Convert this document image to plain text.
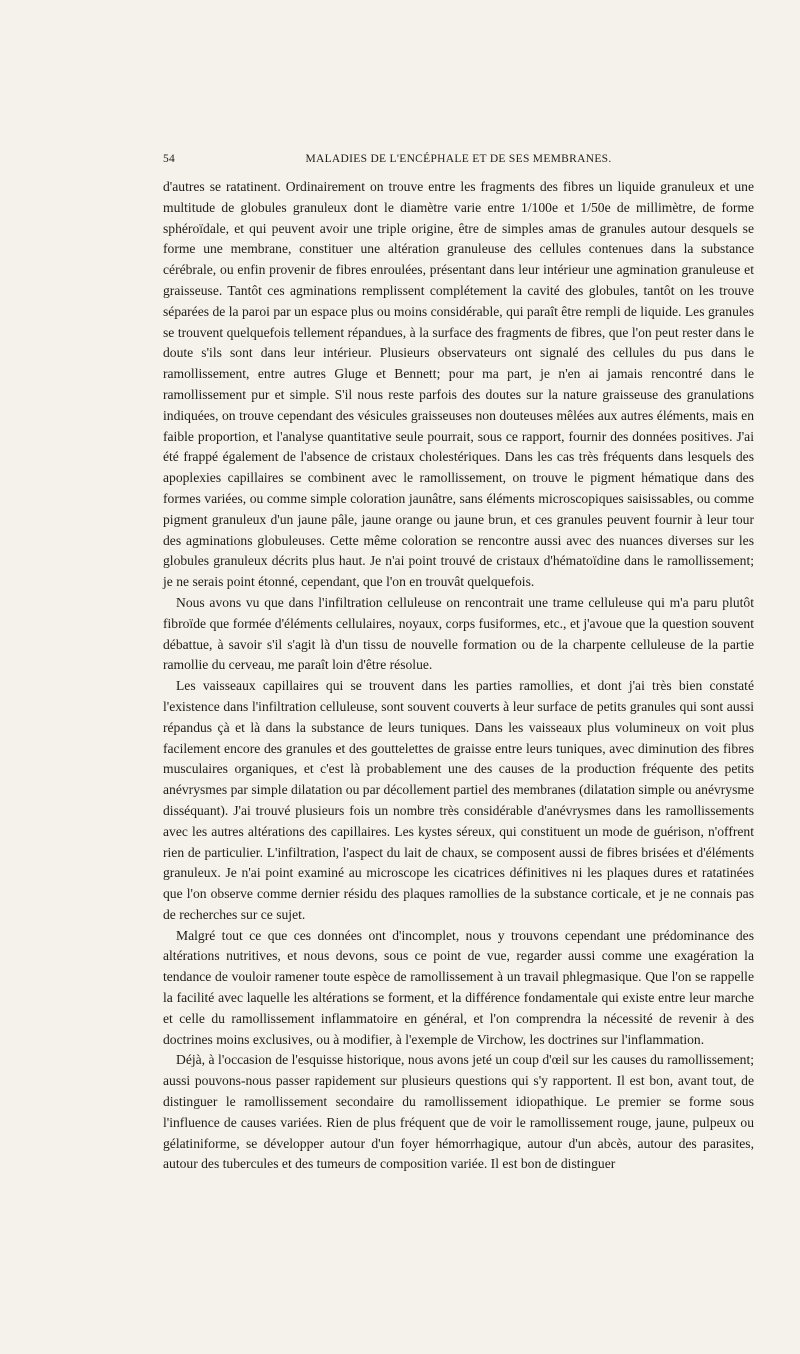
54	MALADIES DE L'ENCÉPHALE ET DE SES MEMBRANES.

d'autres se ratatinent. Ordinairement on trouve entre les fragments des fibres un liquide granuleux et une multitude de globules granuleux dont le diamètre varie entre 1/100e et 1/50e de millimètre, de forme sphéroïdale, et qui peuvent avoir une triple origine, être de simples amas de granules autour desquels se forme une membrane, constituer une altération granuleuse des cellules contenues dans la substance cérébrale, ou enfin provenir de fibres enroulées, présentant dans leur intérieur une agmination granuleuse et graisseuse. Tantôt ces agminations remplissent complétement la cavité des globules, tantôt on les trouve séparées de la paroi par un espace plus ou moins considérable, qui paraît être rempli de liquide. Les granules se trouvent quelquefois tellement répandues, à la surface des fragments de fibres, que l'on peut rester dans le doute s'ils sont dans leur intérieur. Plusieurs observateurs ont signalé des cellules du pus dans le ramollissement, entre autres Gluge et Bennett; pour ma part, je n'en ai jamais rencontré dans le ramollissement pur et simple. S'il nous reste parfois des doutes sur la nature graisseuse des granulations indiquées, on trouve cependant des vésicules graisseuses non douteuses mêlées aux autres éléments, mais en faible proportion, et l'analyse quantitative seule pourrait, sous ce rapport, fournir des données positives. J'ai été frappé également de l'absence de cristaux cholestériques. Dans les cas très fréquents dans lesquels des apoplexies capillaires se combinent avec le ramollissement, on trouve le pigment hématique dans des formes variées, ou comme simple coloration jaunâtre, sans éléments microscopiques saisissables, ou comme pigment granuleux d'un jaune pâle, jaune orange ou jaune brun, et ces granules peuvent fournir à leur tour des agminations globuleuses. Cette même coloration se rencontre aussi avec des nuances diverses sur les globules granuleux décrits plus haut. Je n'ai point trouvé de cristaux d'hématoïdine dans le ramollissement; je ne serais point étonné, cependant, que l'on en trouvât quelquefois.

Nous avons vu que dans l'infiltration celluleuse on rencontrait une trame celluleuse qui m'a paru plutôt fibroïde que formée d'éléments cellulaires, noyaux, corps fusiformes, etc., et j'avoue que la question souvent débattue, à savoir s'il s'agit là d'un tissu de nouvelle formation ou de la charpente celluleuse de la partie ramollie du cerveau, me paraît loin d'être résolue.

Les vaisseaux capillaires qui se trouvent dans les parties ramollies, et dont j'ai très bien constaté l'existence dans l'infiltration celluleuse, sont souvent couverts à leur surface de petits granules qui sont aussi répandus çà et là dans la substance de leurs tuniques. Dans les vaisseaux plus volumineux on voit plus facilement encore des granules et des gouttelettes de graisse entre leurs tuniques, avec diminution des fibres musculaires organiques, et c'est là probablement une des causes de la production fréquente des petits anévrysmes par simple dilatation ou par décollement partiel des membranes (dilatation simple ou anévrysme disséquant). J'ai trouvé plusieurs fois un nombre très considérable d'anévrysmes dans les ramollissements avec les autres altérations des capillaires. Les kystes séreux, qui constituent un mode de guérison, n'offrent rien de particulier. L'infiltration, l'aspect du lait de chaux, se composent aussi de fibres brisées et d'éléments granuleux. Je n'ai point examiné au microscope les cicatrices définitives ni les plaques dures et ratatinées que l'on observe comme dernier résidu des plaques ramollies de la substance corticale, et je ne connais pas de recherches sur ce sujet.

Malgré tout ce que ces données ont d'incomplet, nous y trouvons cependant une prédominance des altérations nutritives, et nous devons, sous ce point de vue, regarder aussi comme une exagération la tendance de vouloir ramener toute espèce de ramollissement à un travail phlegmasique. Que l'on se rappelle la facilité avec laquelle les altérations se forment, et la différence fondamentale qui existe entre leur marche et celle du ramollissement inflammatoire en général, et l'on comprendra la nécessité de revenir à des doctrines moins exclusives, ou à modifier, à l'exemple de Virchow, les doctrines sur l'inflammation.

Déjà, à l'occasion de l'esquisse historique, nous avons jeté un coup d'œil sur les causes du ramollissement; aussi pouvons-nous passer rapidement sur plusieurs questions qui s'y rapportent. Il est bon, avant tout, de distinguer le ramollissement secondaire du ramollissement idiopathique. Le premier se forme sous l'influence de causes variées. Rien de plus fréquent que de voir le ramollissement rouge, jaune, pulpeux ou gélatiniforme, se développer autour d'un foyer hémorrhagique, autour d'un abcès, autour des parasites, autour des tubercules et des tumeurs de composition variée. Il est bon de distinguer
